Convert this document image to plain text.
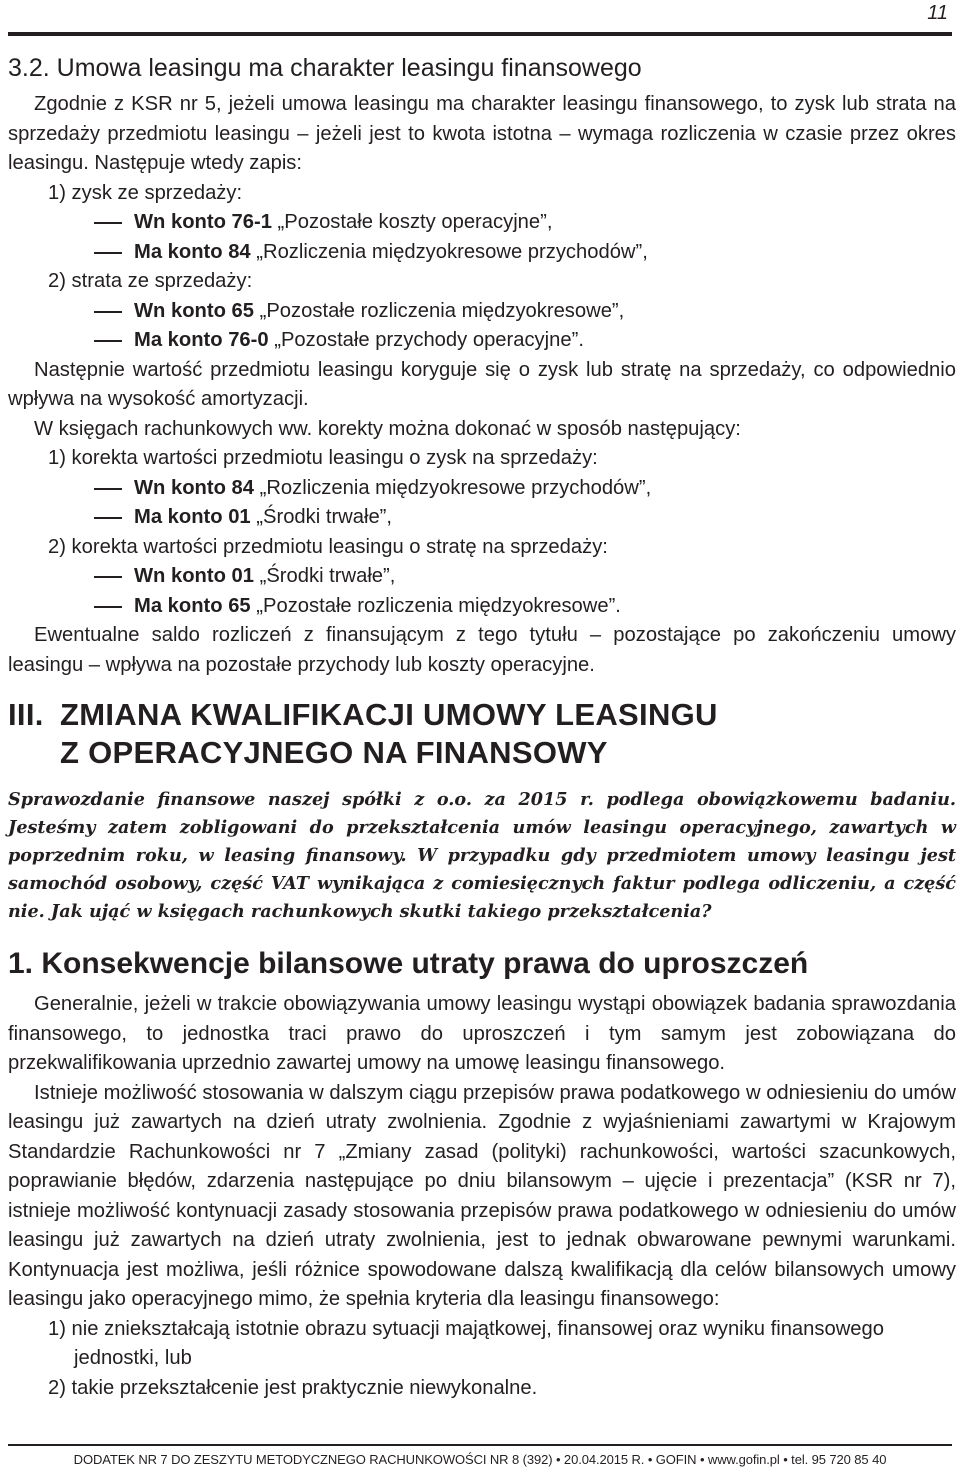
11
3.2. Umowa leasingu ma charakter leasingu finansowego

Zgodnie z KSR nr 5, jeżeli umowa leasingu ma charakter leasingu finansowego, to zysk lub strata na sprzedaży przedmiotu leasingu – jeżeli jest to kwota istotna – wymaga rozliczenia w czasie przez okres leasingu. Następuje wtedy zapis:

1) zysk ze sprzedaży:
Wn konto 76-1 „Pozostałe koszty operacyjne”,
Ma konto 84 „Rozliczenia międzyokresowe przychodów”,
2) strata ze sprzedaży:
Wn konto 65 „Pozostałe rozliczenia międzyokresowe”,
Ma konto 76-0 „Pozostałe przychody operacyjne”.

Następnie wartość przedmiotu leasingu koryguje się o zysk lub stratę na sprzedaży, co odpowiednio wpływa na wysokość amortyzacji.

W księgach rachunkowych ww. korekty można dokonać w sposób następujący:

1) korekta wartości przedmiotu leasingu o zysk na sprzedaży:
Wn konto 84 „Rozliczenia międzyokresowe przychodów”,
Ma konto 01 „Środki trwałe”,
2) korekta wartości przedmiotu leasingu o stratę na sprzedaży:
Wn konto 01 „Środki trwałe”,
Ma konto 65 „Pozostałe rozliczenia międzyokresowe”.

Ewentualne saldo rozliczeń z finansującym z tego tytułu – pozostające po zakończeniu umowy leasingu – wpływa na pozostałe przychody lub koszty operacyjne.

III. ZMIANA KWALIFIKACJI UMOWY LEASINGU
Z OPERACYJNEGO NA FINANSOWY

Sprawozdanie finansowe naszej spółki z o.o. za 2015 r. podlega obowiązkowemu badaniu. Jesteśmy zatem zobligowani do przekształcenia umów leasingu operacyjnego, zawartych w poprzednim roku, w leasing finansowy. W przypadku gdy przedmiotem umowy leasingu jest samochód osobowy, część VAT wynikająca z comiesięcznych faktur podlega odliczeniu, a część nie. Jak ująć w księgach rachunkowych skutki takiego przekształcenia?

1. Konsekwencje bilansowe utraty prawa do uproszczeń

Generalnie, jeżeli w trakcie obowiązywania umowy leasingu wystąpi obowiązek badania sprawozdania finansowego, to jednostka traci prawo do uproszczeń i tym samym jest zobowiązana do przekwalifikowania uprzednio zawartej umowy na umowę leasingu finansowego.

Istnieje możliwość stosowania w dalszym ciągu przepisów prawa podatkowego w odniesieniu do umów leasingu już zawartych na dzień utraty zwolnienia. Zgodnie z wyjaśnieniami zawartymi w Krajowym Standardzie Rachunkowości nr 7 „Zmiany zasad (polityki) rachunkowości, wartości szacunkowych, poprawianie błędów, zdarzenia następujące po dniu bilansowym – ujęcie i prezentacja” (KSR nr 7), istnieje możliwość kontynuacji zasady stosowania przepisów prawa podatkowego w odniesieniu do umów leasingu już zawartych na dzień utraty zwolnienia, jest to jednak obwarowane pewnymi warunkami. Kontynuacja jest możliwa, jeśli różnice spowodowane dalszą kwalifikacją dla celów bilansowych umowy leasingu jako operacyjnego mimo, że spełnia kryteria dla leasingu finansowego:

1) nie zniekształcają istotnie obrazu sytuacji majątkowej, finansowej oraz wyniku finansowego jednostki, lub
2) takie przekształcenie jest praktycznie niewykonalne.
DODATEK NR 7 DO ZESZYTU METODYCZNEGO RACHUNKOWOŚCI NR 8 (392) • 20.04.2015 R. • GOFIN • www.gofin.pl • tel. 95 720 85 40
